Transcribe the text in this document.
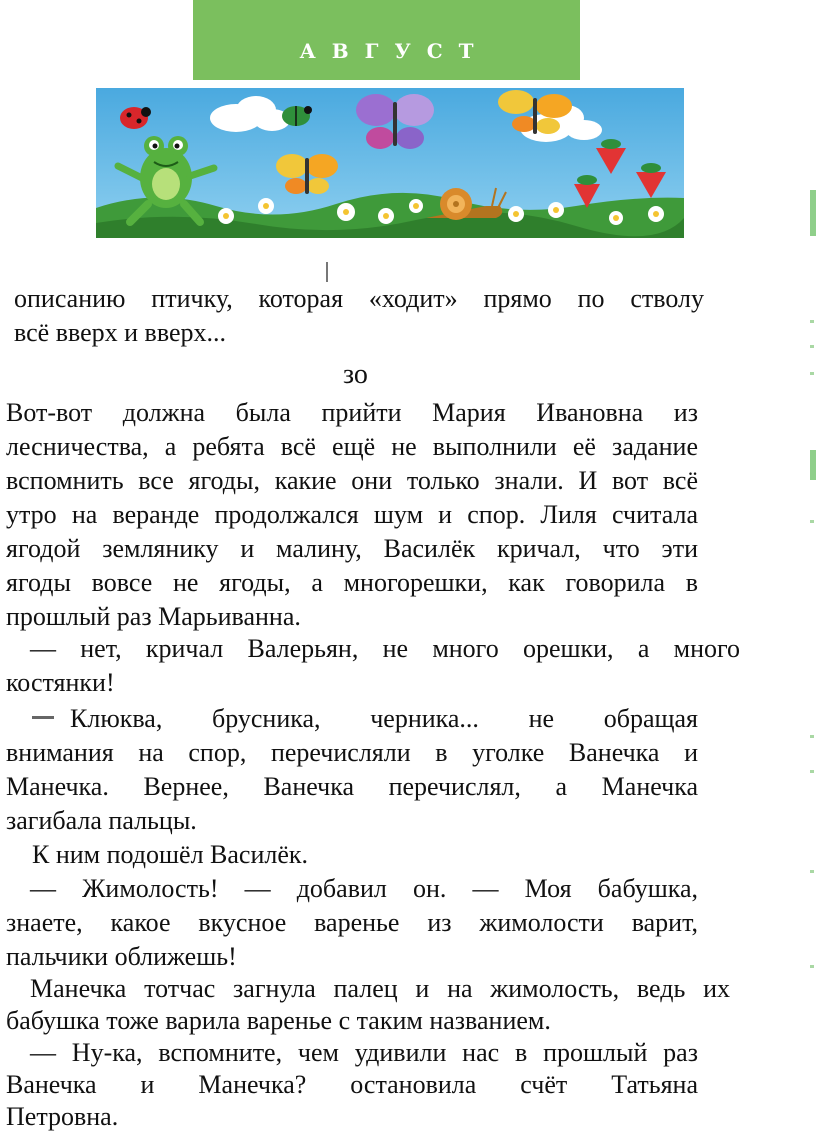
АВГУСТ
описанию птичку, которая «ходит» прямо по стволу
всё вверх и вверх...
зо
Вот-вот должна была прийти Мария Ивановна из
лесничества, а ребята всё ещё не выполнили её задание
вспомнить все ягоды, какие они только знали. И вот всё
утро на веранде продолжался шум и спор. Лиля считала
ягодой землянику и малину, Василёк кричал, что эти
ягоды вовсе не ягоды, а многорешки, как говорила в
прошлый раз Марьиванна.
— нет, кричал Валерьян, не много орешки, а много
костянки!
Клюква, брусника, черника... не обращая
внимания на спор, перечисляли в уголке Ванечка и
Манечка. Вернее, Ванечка перечислял, а Манечка
загибала пальцы.
К ним подошёл Василёк.
— Жимолость! — добавил он. — Моя бабушка,
знаете, какое вкусное варенье из жимолости варит,
пальчики оближешь!
Манечка тотчас загнула палец и на жимолость, ведь их
бабушка тоже варила варенье с таким названием.
— Ну-ка, вспомните, чем удивили нас в прошлый раз
Ванечка и Манечка? остановила счёт Татьяна
Петровна.
